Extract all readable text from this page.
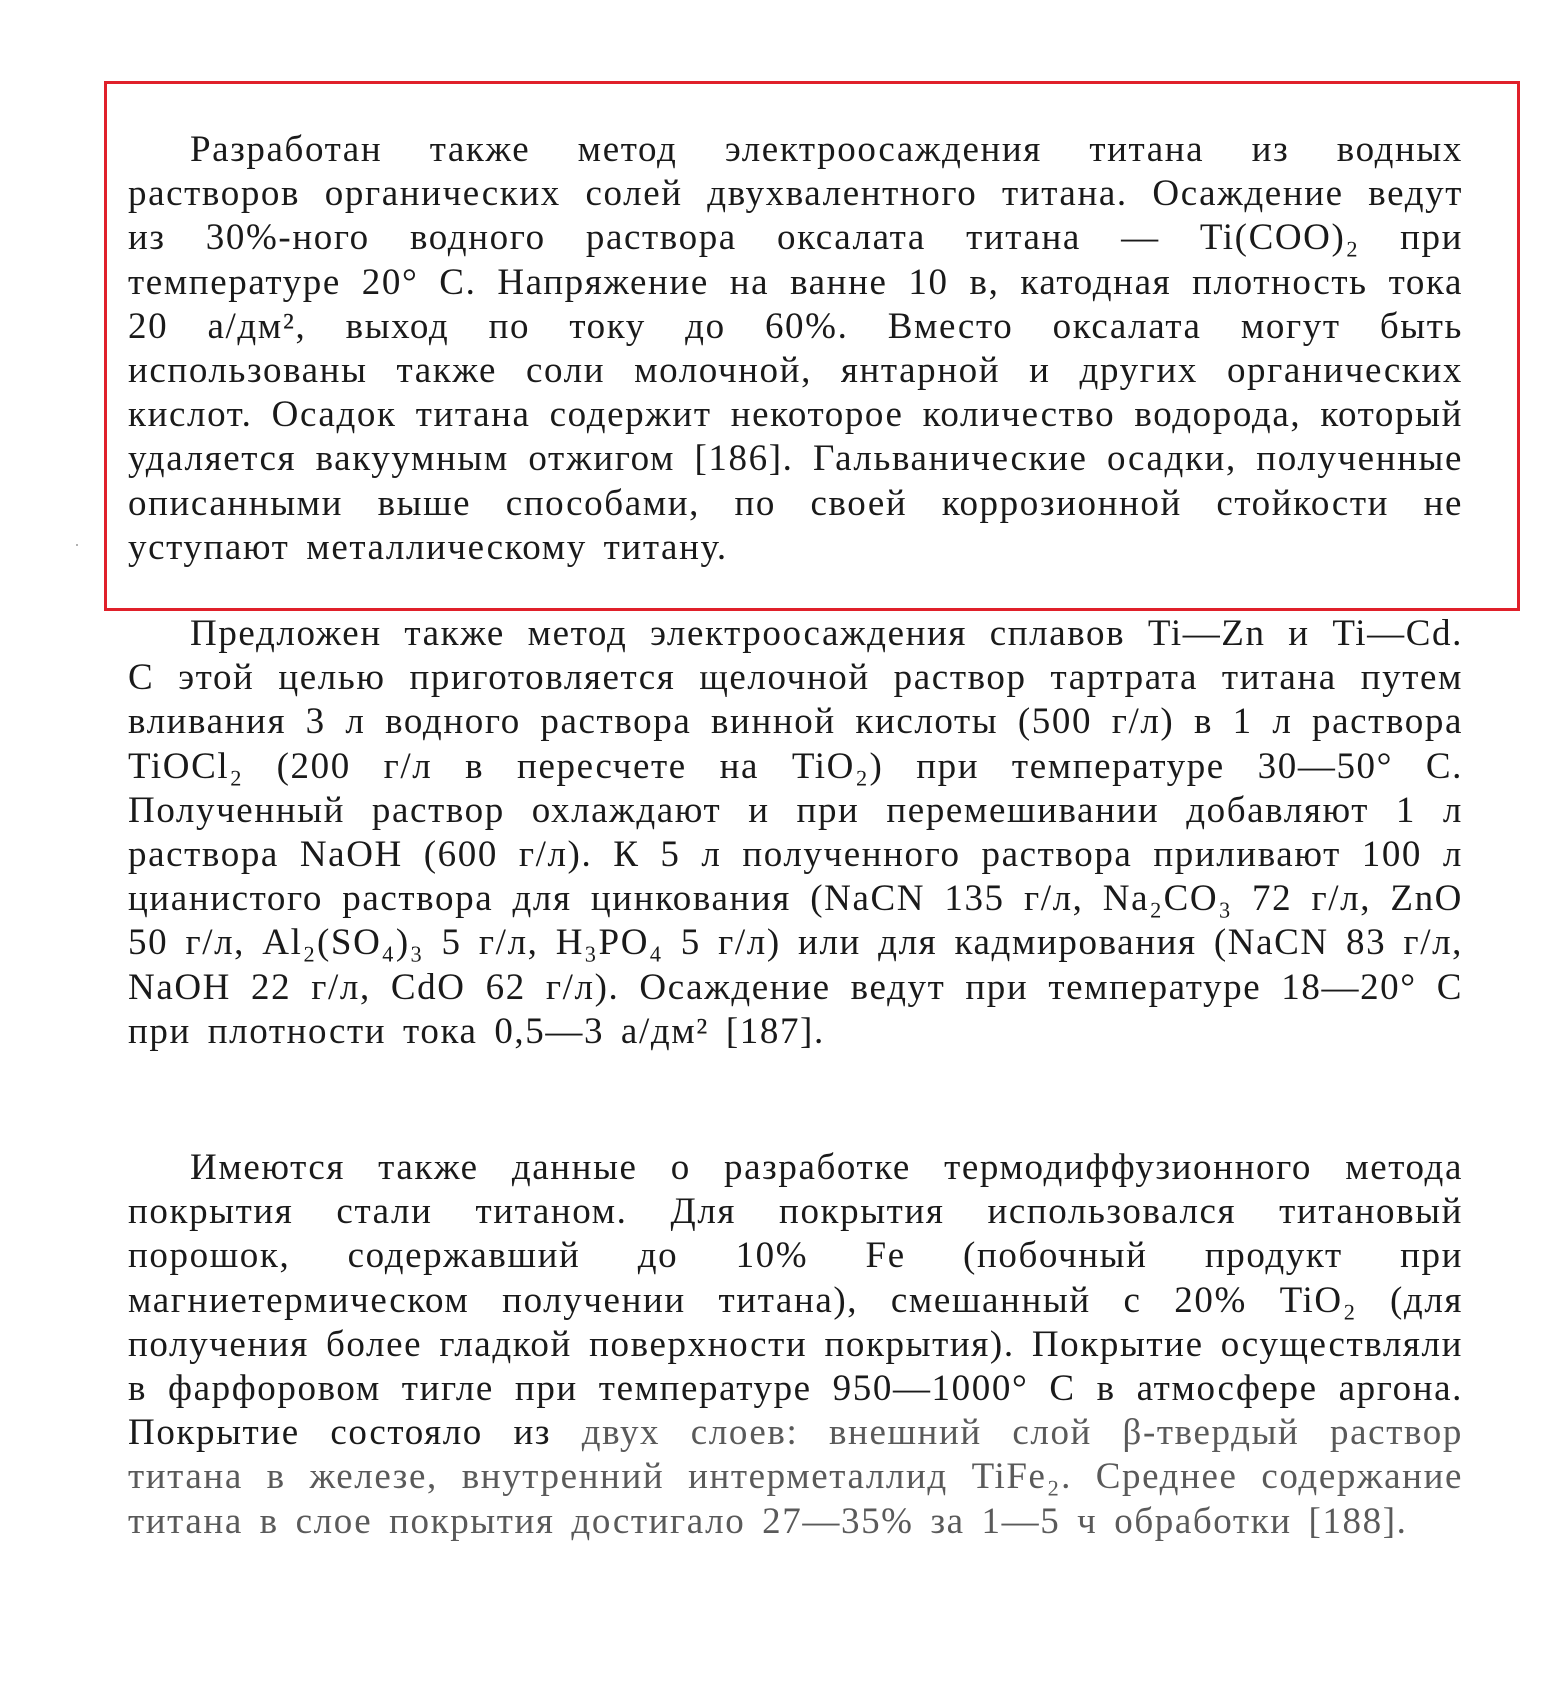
Разработан также метод электроосаждения титана из водных растворов органических солей двухвалентного титана. Осаждение ведут из 30%-ного водного раствора оксалата титана — Ti(COO)₂ при температуре 20° С. Напряжение на ванне 10 в, катодная плотность тока 20 а/дм², выход по току до 60%. Вместо оксалата могут быть использованы также соли молочной, янтарной и других органических кислот. Осадок титана содержит некоторое количество водорода, который удаляется вакуумным отжигом [186]. Гальванические осадки, полученные описанными выше способами, по своей коррозионной стойкости не уступают металлическому титану.

Предложен также метод электроосаждения сплавов Ti—Zn и Ti—Cd. С этой целью приготовляется щелочной раствор тартрата титана путем вливания 3 л водного раствора винной кислоты (500 г/л) в 1 л раствора TiOCl₂ (200 г/л в пересчете на TiO₂) при температуре 30—50° С. Полученный раствор охлаждают и при перемешивании добавляют 1 л раствора NaOH (600 г/л). К 5 л полученного раствора приливают 100 л цианистого раствора для цинкования (NaCN 135 г/л, Na₂CO₃ 72 г/л, ZnO 50 г/л, Al₂(SO₄)₃ 5 г/л, H₃PO₄ 5 г/л) или для кадмирования (NaCN 83 г/л, NaOH 22 г/л, CdO 62 г/л). Осаждение ведут при температуре 18—20° С при плотности тока 0,5—3 а/дм² [187].

Имеются также данные о разработке термодиффузионного метода покрытия стали титаном. Для покрытия использовался титановый порошок, содержавший до 10% Fe (побочный продукт при магниетермическом получении титана), смешанный с 20% TiO₂ (для получения более гладкой поверхности покрытия). Покрытие осуществляли в фарфоровом тигле при температуре 950—1000° С в атмосфере аргона. Покрытие состояло из двух слоев: внешний слой β-твердый раствор титана в железе, внутренний интерметаллид TiFe₂. Среднее содержание титана в слое покрытия достигало 27—35% за 1—5 ч обработки [188].
